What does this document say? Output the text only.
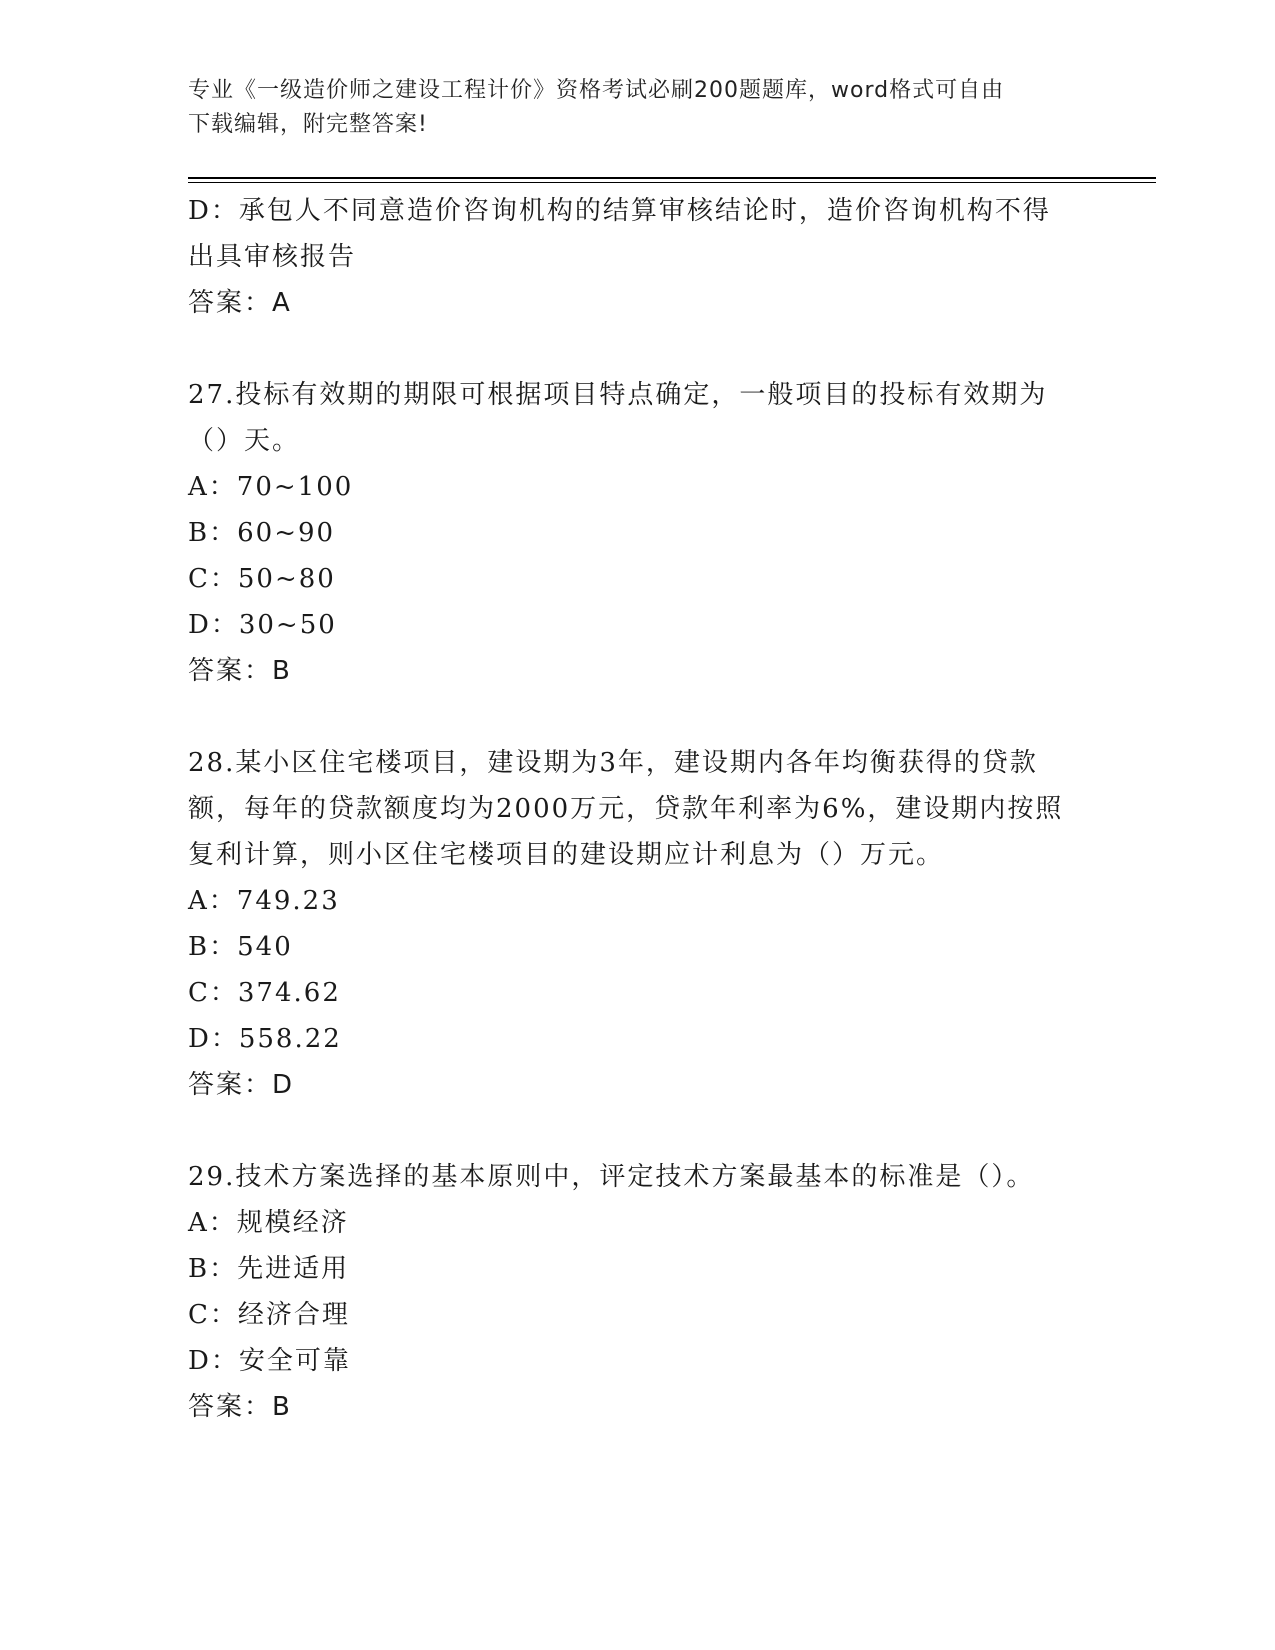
专业《一级造价师之建设工程计价》资格考试必刷200题题库，word格式可自由
下载编辑，附完整答案!
D：承包人不同意造价咨询机构的结算审核结论时，造价咨询机构不得
出具审核报告
答案：A
27.投标有效期的期限可根据项目特点确定，一般项目的投标有效期为
（）天。
A：70~100
B：60~90
C：50~80
D：30~50
答案：B
28.某小区住宅楼项目，建设期为3年，建设期内各年均衡获得的贷款
额，每年的贷款额度均为2000万元，贷款年利率为6%，建设期内按照
复利计算，则小区住宅楼项目的建设期应计利息为（）万元。
A：749.23
B：540
C：374.62
D：558.22
答案：D
29.技术方案选择的基本原则中，评定技术方案最基本的标准是（）。
A：规模经济
B：先进适用
C：经济合理
D：安全可靠
答案：B
